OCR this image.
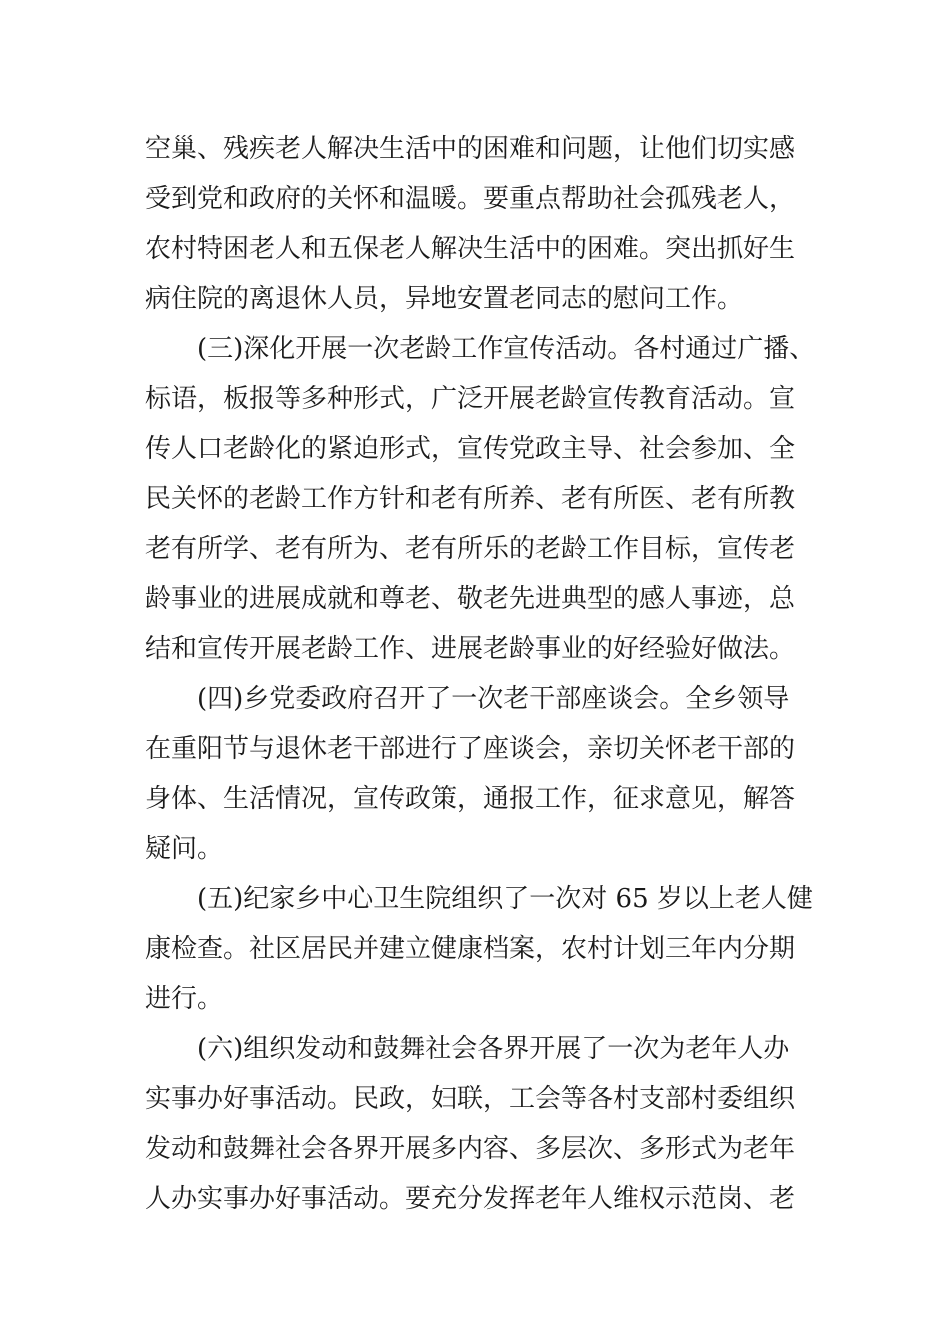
空巢、残疾老人解决生活中的困难和问题，让他们切实感
受到党和政府的关怀和温暖。要重点帮助社会孤残老人，
农村特困老人和五保老人解决生活中的困难。突出抓好生
病住院的离退休人员，异地安置老同志的慰问工作。
(三)深化开展一次老龄工作宣传活动。各村通过广播、
标语，板报等多种形式，广泛开展老龄宣传教育活动。宣
传人口老龄化的紧迫形式，宣传党政主导、社会参加、全
民关怀的老龄工作方针和老有所养、老有所医、老有所教
老有所学、老有所为、老有所乐的老龄工作目标，宣传老
龄事业的进展成就和尊老、敬老先进典型的感人事迹，总
结和宣传开展老龄工作、进展老龄事业的好经验好做法。
(四)乡党委政府召开了一次老干部座谈会。全乡领导
在重阳节与退休老干部进行了座谈会，亲切关怀老干部的
身体、生活情况，宣传政策，通报工作，征求意见，解答
疑问。
(五)纪家乡中心卫生院组织了一次对 65 岁以上老人健
康检查。社区居民并建立健康档案，农村计划三年内分期
进行。
(六)组织发动和鼓舞社会各界开展了一次为老年人办
实事办好事活动。民政，妇联，工会等各村支部村委组织
发动和鼓舞社会各界开展多内容、多层次、多形式为老年
人办实事办好事活动。要充分发挥老年人维权示范岗、老
